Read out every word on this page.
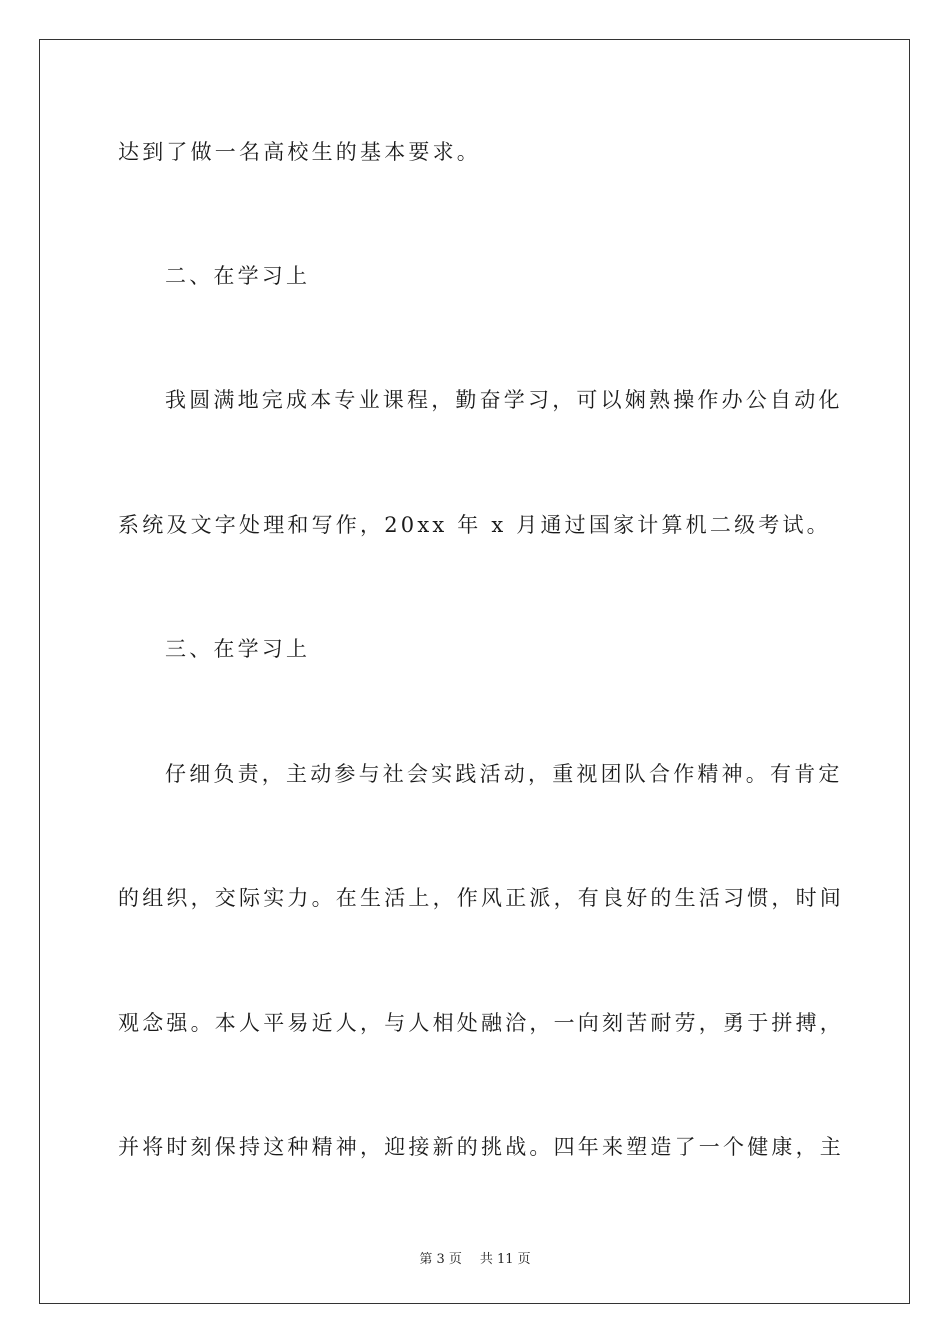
达到了做一名高校生的基本要求。
二、在学习上
我圆满地完成本专业课程，勤奋学习，可以娴熟操作办公自动化
系统及文字处理和写作，20xx 年 x 月通过国家计算机二级考试。
三、在学习上
仔细负责，主动参与社会实践活动，重视团队合作精神。有肯定
的组织，交际实力。在生活上，作风正派，有良好的生活习惯，时间
观念强。本人平易近人，与人相处融洽，一向刻苦耐劳，勇于拼搏，
并将时刻保持这种精神，迎接新的挑战。四年来塑造了一个健康，主
第 3 页 共 11 页
